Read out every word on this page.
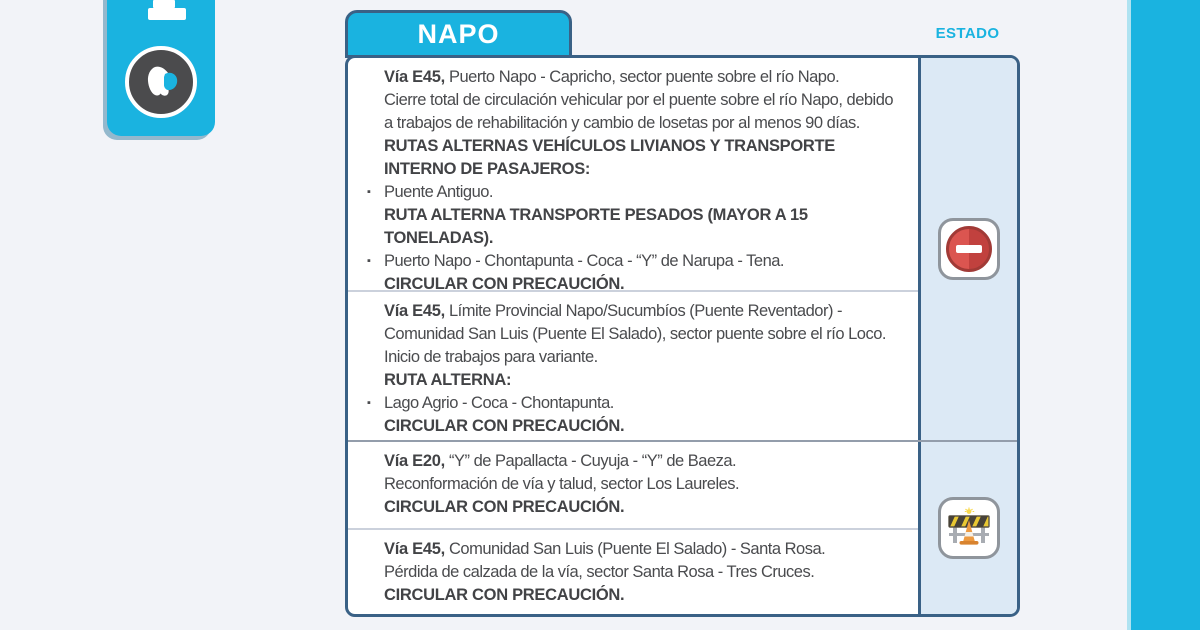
NAPO	ESTADO

Vía E45, Puerto Napo - Capricho, sector puente sobre el río Napo.

Cierre total de circulación vehicular por el puente sobre el río Napo, debido a trabajos de rehabilitación y cambio de losetas por al menos 90 días.

RUTAS ALTERNAS VEHÍCULOS LIVIANOS Y TRANSPORTE INTERNO DE PASAJEROS:

▪ Puente Antiguo.

RUTA ALTERNA TRANSPORTE PESADOS (MAYOR A 15 TONELADAS).

▪ Puerto Napo - Chontapunta - Coca - “Y” de Narupa - Tena.

CIRCULAR CON PRECAUCIÓN.

Vía E45, Límite Provincial Napo/Sucumbíos (Puente Reventador) - Comunidad San Luis (Puente El Salado), sector puente sobre el río Loco.

Inicio de trabajos para variante.

RUTA ALTERNA:

▪ Lago Agrio - Coca - Chontapunta.

CIRCULAR CON PRECAUCIÓN.

Vía E20, “Y” de Papallacta - Cuyuja - “Y” de Baeza.

Reconformación de vía y talud, sector Los Laureles.

CIRCULAR CON PRECAUCIÓN.

Vía E45, Comunidad San Luis (Puente El Salado) - Santa Rosa.

Pérdida de calzada de la vía, sector Santa Rosa - Tres Cruces.

CIRCULAR CON PRECAUCIÓN.
